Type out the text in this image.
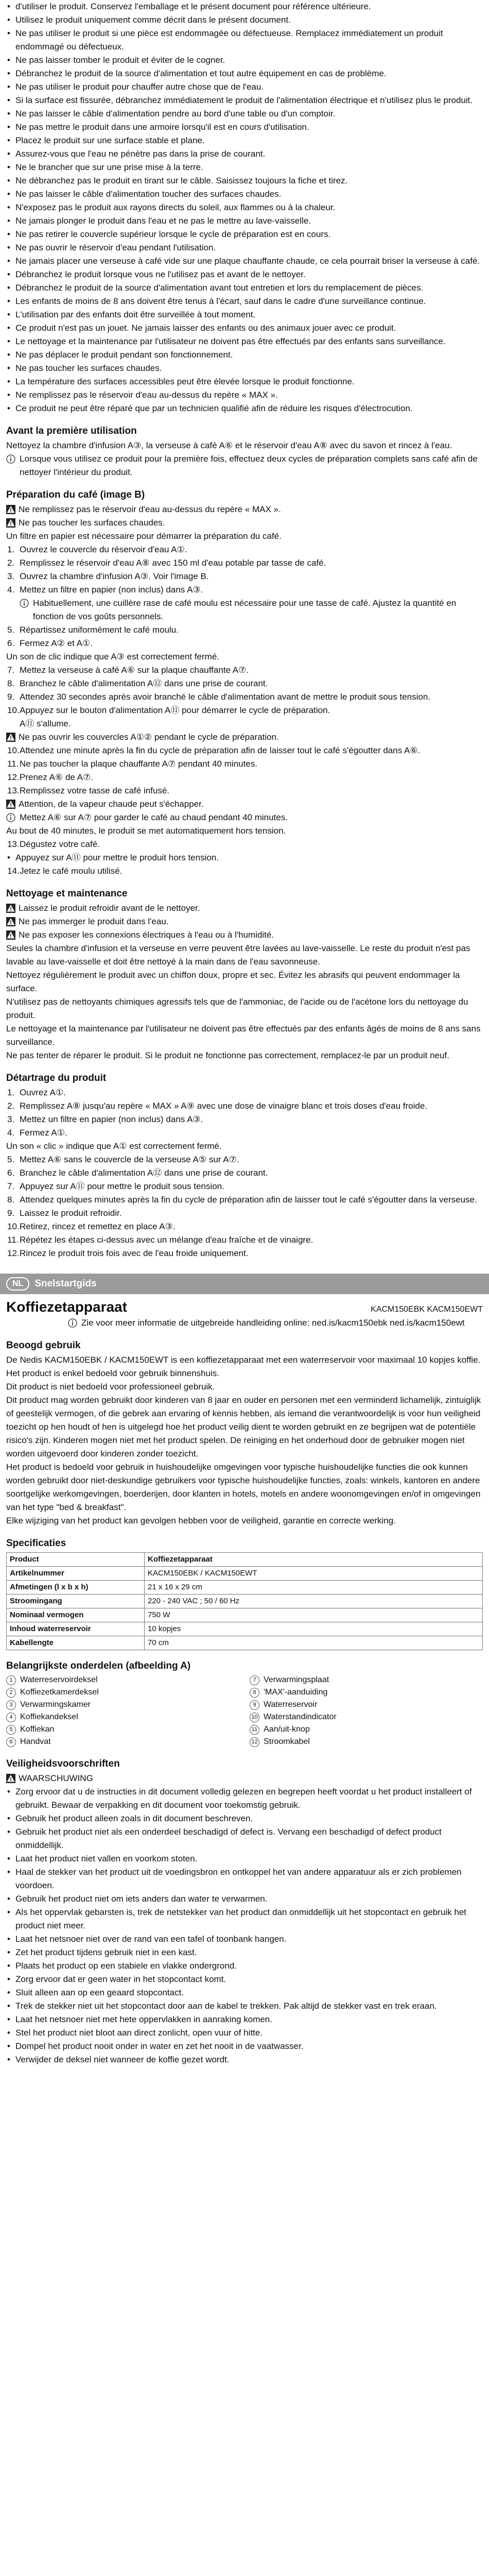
• d'utiliser le produit. Conservez l'emballage et le présent document pour référence ultérieure.
• Utilisez le produit uniquement comme décrit dans le présent document.
• Ne pas utiliser le produit si une pièce est endommagée ou défectueuse. Remplacez immédiatement un produit endommagé ou défectueux.
• Ne pas laisser tomber le produit et éviter de le cogner.
• Débranchez le produit de la source d'alimentation et tout autre équipement en cas de problème.
• Ne pas utiliser le produit pour chauffer autre chose que de l'eau.
• Si la surface est fissurée, débranchez immédiatement le produit de l'alimentation électrique et n'utilisez plus le produit.
• Ne pas laisser le câble d'alimentation pendre au bord d'une table ou d'un comptoir.
• Ne pas mettre le produit dans une armoire lorsqu'il est en cours d'utilisation.
• Placez le produit sur une surface stable et plane.
• Assurez-vous que l'eau ne pénètre pas dans la prise de courant.
• Ne le brancher que sur une prise mise à la terre.
• Ne débranchez pas le produit en tirant sur le câble. Saisissez toujours la fiche et tirez.
• Ne pas laisser le câble d'alimentation toucher des surfaces chaudes.
• N'exposez pas le produit aux rayons directs du soleil, aux flammes ou à la chaleur.
• Ne jamais plonger le produit dans l'eau et ne pas le mettre au lave-vaisselle.
• Ne pas retirer le couvercle supérieur lorsque le cycle de préparation est en cours.
• Ne pas ouvrir le réservoir d'eau pendant l'utilisation.
• Ne jamais placer une verseuse à café vide sur une plaque chauffante chaude, ce cela pourrait briser la verseuse à café.
• Débranchez le produit lorsque vous ne l'utilisez pas et avant de le nettoyer.
• Débranchez le produit de la source d'alimentation avant tout entretien et lors du remplacement de pièces.
• Les enfants de moins de 8 ans doivent être tenus à l'écart, sauf dans le cadre d'une surveillance continue.
• L'utilisation par des enfants doit être surveillée à tout moment.
• Ce produit n'est pas un jouet. Ne jamais laisser des enfants ou des animaux jouer avec ce produit.
• Le nettoyage et la maintenance par l'utilisateur ne doivent pas être effectués par des enfants sans surveillance.
• Ne pas déplacer le produit pendant son fonctionnement.
• Ne pas toucher les surfaces chaudes.
• La température des surfaces accessibles peut être élevée lorsque le produit fonctionne.
• Ne remplissez pas le réservoir d'eau au-dessus du repère « MAX ».
• Ce produit ne peut être réparé que par un technicien qualifié afin de réduire les risques d'électrocution.
Avant la première utilisation

Nettoyez la chambre d'infusion A③, la verseuse à café A⑥ et le réservoir d'eau A⑧ avec du savon et rincez à l'eau.

Lorsque vous utilisez ce produit pour la première fois, effectuez deux cycles de préparation complets sans café afin de nettoyer l'intérieur du produit.
Préparation du café (image B)
Ne remplissez pas le réservoir d'eau au-dessus du repère « MAX ».
Ne pas toucher les surfaces chaudes.

Un filtre en papier est nécessaire pour démarrer la préparation du café.

Ouvrez le couvercle du réservoir d'eau A①.
Remplissez le réservoir d'eau A⑧ avec 150 ml d'eau potable par tasse de café.
Ouvrez la chambre d'infusion A③. Voir l'image B.
Mettez un filtre en papier (non inclus) dans A③.
Habituellement, une cuillère rase de café moulu est nécessaire pour une tasse de café. Ajustez la quantité en fonction de vos goûts personnels.
Répartissez uniformément le café moulu.
Fermez A② et A①.

Un son de clic indique que A③ est correctement fermé.

Mettez la verseuse à café A⑥ sur la plaque chauffante A⑦.
Branchez le câble d'alimentation A⑫ dans une prise de courant.
Attendez 30 secondes après avoir branché le câble d'alimentation avant de mettre le produit sous tension.
Appuyez sur le bouton d'alimentation A⑪ pour démarrer le cycle de préparation.

A⑪ s'allume.

Ne pas ouvrir les couvercles A①② pendant le cycle de préparation.
Attendez une minute après la fin du cycle de préparation afin de laisser tout le café s'égoutter dans A⑥.
Ne pas toucher la plaque chauffante A⑦ pendant 40 minutes.
Prenez A⑥ de A⑦.
Remplissez votre tasse de café infusé.
Attention, de la vapeur chaude peut s'échapper.
Mettez A⑥ sur A⑦ pour garder le café au chaud pendant 40 minutes.

Au bout de 40 minutes, le produit se met automatiquement hors tension.

Dégustez votre café.
• Appuyez sur A⑪ pour mettre le produit hors tension.
Jetez le café moulu utilisé.
Nettoyage et maintenance
Laissez le produit refroidir avant de le nettoyer.
Ne pas immerger le produit dans l'eau.
Ne pas exposer les connexions électriques à l'eau ou à l'humidité.

Seules la chambre d'infusion et la verseuse en verre peuvent être lavées au lave-vaisselle. Le reste du produit n'est pas lavable au lave-vaisselle et doit être nettoyé à la main dans de l'eau savonneuse.

Nettoyez régulièrement le produit avec un chiffon doux, propre et sec. Évitez les abrasifs qui peuvent endommager la surface.

N'utilisez pas de nettoyants chimiques agressifs tels que de l'ammoniac, de l'acide ou de l'acétone lors du nettoyage du produit.

Le nettoyage et la maintenance par l'utilisateur ne doivent pas être effectués par des enfants âgés de moins de 8 ans sans surveillance.

Ne pas tenter de réparer le produit. Si le produit ne fonctionne pas correctement, remplacez-le par un produit neuf.

Détartrage du produit
Ouvrez A①.
Remplissez A⑧ jusqu'au repère « MAX » A⑨ avec une dose de vinaigre blanc et trois doses d'eau froide.
Mettez un filtre en papier (non inclus) dans A③.
Fermez A①.

Un son « clic » indique que A① est correctement fermé.

Mettez A⑥ sans le couvercle de la verseuse A⑤ sur A⑦.
Branchez le câble d'alimentation A⑫ dans une prise de courant.
Appuyez sur A⑪ pour mettre le produit sous tension.
Attendez quelques minutes après la fin du cycle de préparation afin de laisser tout le café s'égoutter dans la verseuse.
Laissez le produit refroidir.
Retirez, rincez et remettez en place A③.
Répétez les étapes ci-dessus avec un mélange d'eau fraîche et de vinaigre.
Rincez le produit trois fois avec de l'eau froide uniquement.
NL	Snelstartgids
Koffiezetapparaat	KACM150EBK KACM150EWT
Zie voor meer informatie de uitgebreide handleiding online: ned.is/kacm150ebk ned.is/kacm150ewt
Beoogd gebruik

De Nedis KACM150EBK / KACM150EWT is een koffiezetapparaat met een waterreservoir voor maximaal 10 kopjes koffie.

Het product is enkel bedoeld voor gebruik binnenshuis.

Dit product is niet bedoeld voor professioneel gebruik.

Dit product mag worden gebruikt door kinderen van 8 jaar en ouder en personen met een verminderd lichamelijk, zintuiglijk of geestelijk vermogen, of die gebrek aan ervaring of kennis hebben, als iemand die verantwoordelijk is voor hun veiligheid toezicht op hen houdt of hen is uitgelegd hoe het product veilig dient te worden gebruikt en ze begrijpen wat de potentiële risico's zijn. Kinderen mogen niet met het product spelen. De reiniging en het onderhoud door de gebruiker mogen niet worden uitgevoerd door kinderen zonder toezicht.

Het product is bedoeld voor gebruik in huishoudelijke omgevingen voor typische huishoudelijke functies die ook kunnen worden gebruikt door niet-deskundige gebruikers voor typische huishoudelijke functies, zoals: winkels, kantoren en andere soortgelijke werkomgevingen, boerderijen, door klanten in hotels, motels en andere woonomgevingen en/of in omgevingen van het type "bed & breakfast".

Elke wijziging van het product kan gevolgen hebben voor de veiligheid, garantie en correcte werking.

Specificaties
Product	Koffiezetapparaat
Artikelnummer	KACM150EBK / KACM150EWT
Afmetingen (l x b x h)	21 x 16 x 29 cm
Stroomingang	220 - 240 VAC ; 50 / 60 Hz
Nominaal vermogen	750 W
Inhoud waterreservoir	10 kopjes
Kabellengte	70 cm
Belangrijkste onderdelen (afbeelding A)
1 Waterreservoirdeksel
2 Koffiezetkamerdeksel
3 Verwarmingskamer
4 Koffiekandeksel
5 Koffiekan
6 Handvat
7 Verwarmingsplaat
8 'MAX'-aanduiding
9 Waterreservoir
10 Waterstandindicator
11 Aan/uit-knop
12 Stroomkabel
Veiligheidsvoorschriften
WAARSCHUWING
• Zorg ervoor dat u de instructies in dit document volledig gelezen en begrepen heeft voordat u het product installeert of gebruikt. Bewaar de verpakking en dit document voor toekomstig gebruik.
• Gebruik het product alleen zoals in dit document beschreven.
• Gebruik het product niet als een onderdeel beschadigd of defect is. Vervang een beschadigd of defect product onmiddellijk.
• Laat het product niet vallen en voorkom stoten.
• Haal de stekker van het product uit de voedingsbron en ontkoppel het van andere apparatuur als er zich problemen voordoen.
• Gebruik het product niet om iets anders dan water te verwarmen.
• Als het oppervlak gebarsten is, trek de netstekker van het product dan onmiddellijk uit het stopcontact en gebruik het product niet meer.
• Laat het netsnoer niet over de rand van een tafel of toonbank hangen.
• Zet het product tijdens gebruik niet in een kast.
• Plaats het product op een stabiele en vlakke ondergrond.
• Zorg ervoor dat er geen water in het stopcontact komt.
• Sluit alleen aan op een geaard stopcontact.
• Trek de stekker niet uit het stopcontact door aan de kabel te trekken. Pak altijd de stekker vast en trek eraan.
• Laat het netsnoer niet met hete oppervlakken in aanraking komen.
• Stel het product niet bloot aan direct zonlicht, open vuur of hitte.
• Dompel het product nooit onder in water en zet het nooit in de vaatwasser.
• Verwijder de deksel niet wanneer de koffie gezet wordt.
